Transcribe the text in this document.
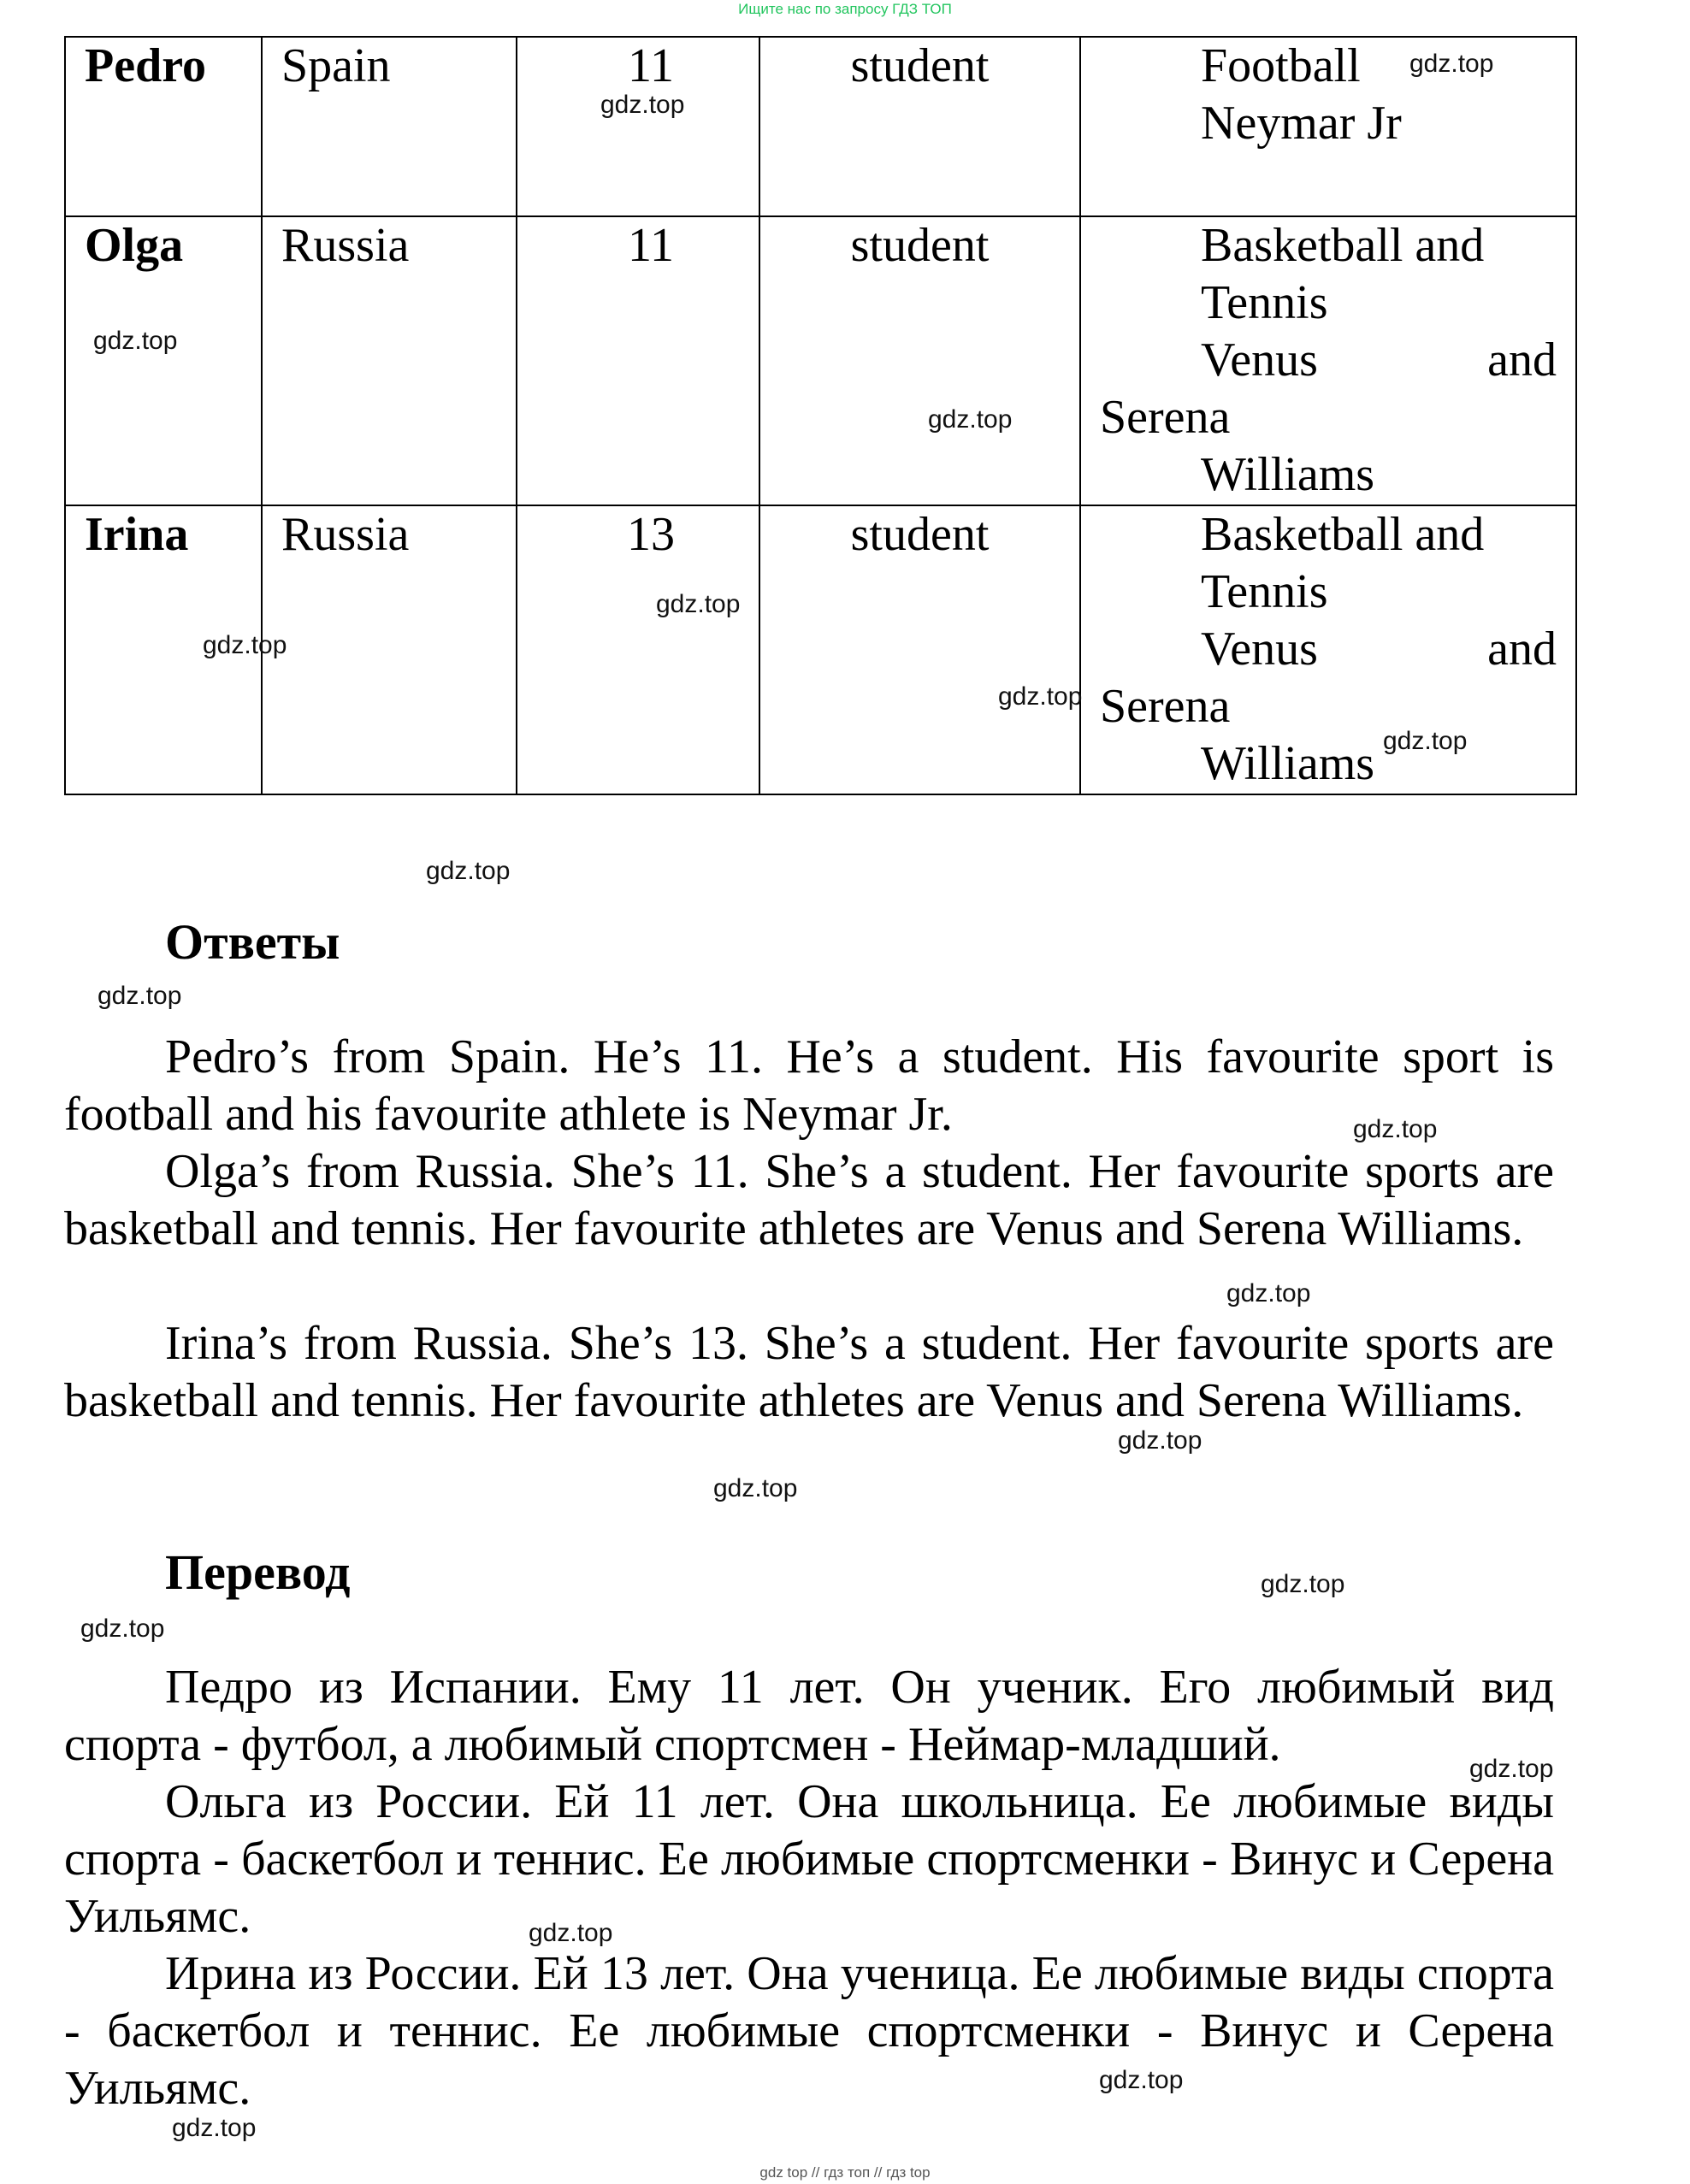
Ищите нас по запросу ГДЗ ТОП
Pedro	Spain	11	student	Football
Neymar Jr

Olga	Russia	11	student	Basketball and
Tennis
Venus and
Serena
Williams

Irina	Russia	13	student	Basketball and
Tennis
Venus and
Serena
Williams
Ответы
Pedro’s from Spain. He’s 11. He’s a student. His favourite sport is football and his favourite athlete is Neymar Jr.
Olga’s from Russia. She’s 11. She’s a student. Her favourite sports are basketball and tennis. Her favourite athletes are Venus and Serena Williams.
Irina’s from Russia. She’s 13. She’s a student. Her favourite sports are basketball and tennis. Her favourite athletes are Venus and Serena Williams.
Перевод
Педро из Испании. Ему 11 лет. Он ученик. Его любимый вид спорта - футбол, а любимый спортсмен - Неймар-младший.
Ольга из России. Ей 11 лет. Она школьница. Ее любимые виды спорта - баскетбол и теннис. Ее любимые спортсменки - Винус и Серена Уильямс.
Ирина из России. Ей 13 лет. Она ученица. Ее любимые виды спорта - баскетбол и теннис. Ее любимые спортсменки - Винус и Серена Уильямс.
gdz.top
gdz.top
gdz.top
gdz.top
gdz.top
gdz.top
gdz.top
gdz.top
gdz.top
gdz.top
gdz.top
gdz.top
gdz.top
gdz.top
gdz.top
gdz.top
gdz.top
gdz.top
gdz.top
gdz.top
gdz top // гдз топ // гдз top
